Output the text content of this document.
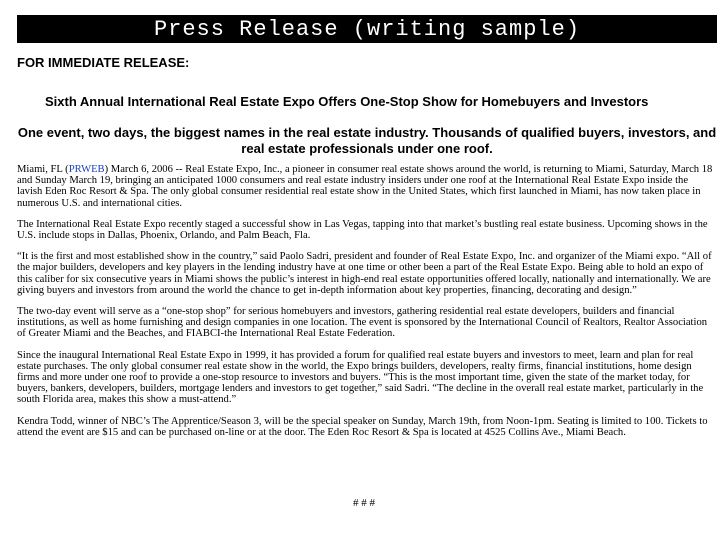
Press Release (writing sample)
FOR IMMEDIATE RELEASE:
Sixth Annual International Real Estate Expo Offers One-Stop Show for Homebuyers and Investors
One event, two days, the biggest names in the real estate industry. Thousands of qualified buyers, investors, and real estate professionals under one roof.

Miami, FL (PRWEB) March 6, 2006 -- Real Estate Expo, Inc., a pioneer in consumer real estate shows around the world, is returning to Miami, Saturday, March 18 and Sunday March 19, bringing an anticipated 1000 consumers and real estate industry insiders under one roof at the International Real Estate Expo inside the lavish Eden Roc Resort & Spa. The only global consumer residential real estate show in the United States, which first launched in Miami, has now taken place in numerous U.S. and international cities.

The International Real Estate Expo recently staged a successful show in Las Vegas, tapping into that market’s bustling real estate business. Upcoming shows in the U.S. include stops in Dallas, Phoenix, Orlando, and Palm Beach, Fla.

“It is the first and most established show in the country,” said Paolo Sadri, president and founder of Real Estate Expo, Inc. and organizer of the Miami expo. “All of the major builders, developers and key players in the lending industry have at one time or other been a part of the Real Estate Expo. Being able to hold an expo of this caliber for six consecutive years in Miami shows the public’s interest in high-end real estate opportunities offered locally, nationally and internationally. We are giving buyers and investors from around the world the chance to get in-depth information about key properties, financing, decorating and design.”

The two-day event will serve as a “one-stop shop” for serious homebuyers and investors, gathering residential real estate developers, builders and financial institutions, as well as home furnishing and design companies in one location. The event is sponsored by the International Council of Realtors, Realtor Association of Greater Miami and the Beaches, and FIABCI-the International Real Estate Federation.

Since the inaugural International Real Estate Expo in 1999, it has provided a forum for qualified real estate buyers and investors to meet, learn and plan for real estate purchases. The only global consumer real estate show in the world, the Expo brings builders, developers, realty firms, financial institutions, home design firms and more under one roof to provide a one-stop resource to investors and buyers. “This is the most important time, given the state of the market today, for buyers, bankers, developers, builders, mortgage lenders and investors to get together,” said Sadri. “The decline in the overall real estate market, particularly in the south Florida area, makes this show a must-attend.”

Kendra Todd, winner of NBC’s The Apprentice/Season 3, will be the special speaker on Sunday, March 19th, from Noon-1pm. Seating is limited to 100. Tickets to attend the event are $15 and can be purchased on-line or at the door. The Eden Roc Resort & Spa is located at 4525 Collins Ave., Miami Beach.

# # #
